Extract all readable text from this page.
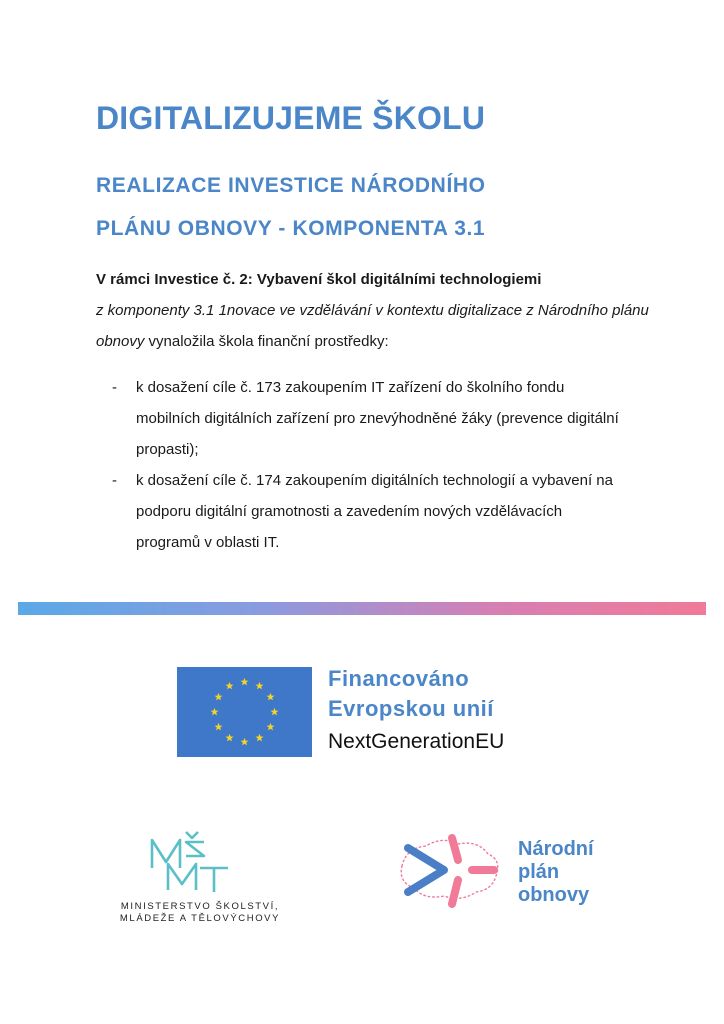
DIGITALIZUJEME ŠKOLU
REALIZACE INVESTICE NÁRODNÍHO
PLÁNU OBNOVY - KOMPONENTA 3.1

V rámci Investice č. 2: Vybavení škol digitálními technologiemi
z komponenty 3.1 1novace ve vzdělávání v kontextu digitalizace z Národního plánu obnovy vynaložila škola finanční prostředky:

- k dosažení cíle č. 173 zakoupením IT zařízení do školního fondu mobilních digitálních zařízení pro znevýhodněné žáky (prevence digitální propasti);
- k dosažení cíle č. 174 zakoupením digitálních technologií a vybavení na podporu digitální gramotnosti a zavedením nových vzdělávacích programů v oblasti IT.
Financováno
Evropskou unií
NextGenerationEU
MINISTERSTVO ŠKOLSTVÍ,
MLÁDEŽE A TĚLOVÝCHOVY
Národní
plán
obnovy
